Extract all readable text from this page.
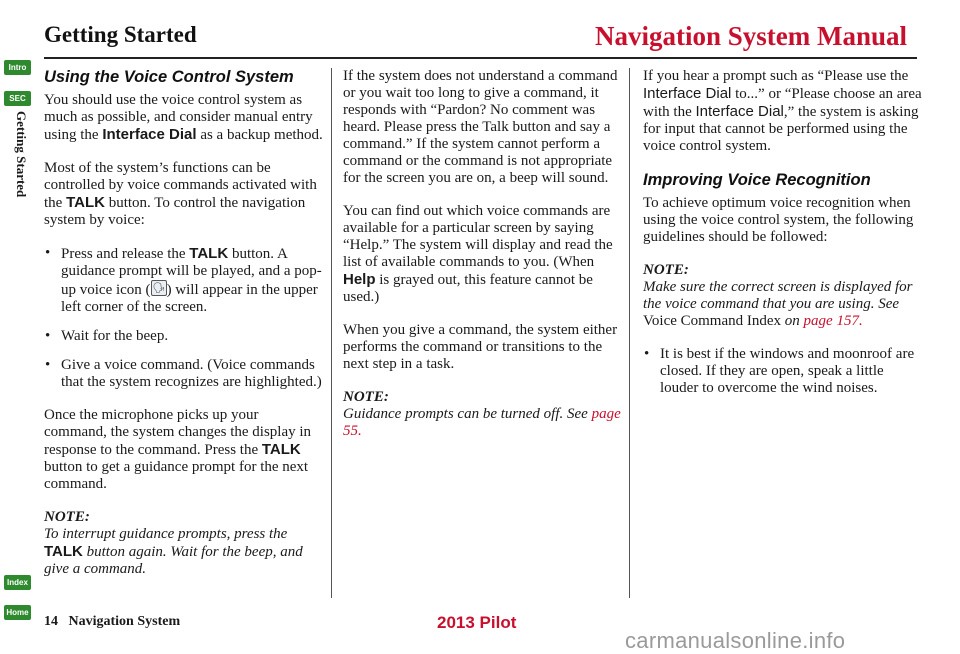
Getting Started	Navigation System Manual
Intro
SEC
Getting Started
Index
Home
Using the Voice Control System

You should use the voice control system as much as possible, and consider manual entry using the Interface Dial as a backup method.

Most of the system’s functions can be controlled by voice commands activated with the TALK button. To control the navigation system by voice:

• Press and release the TALK button. A guidance prompt will be played, and a pop-up voice icon (🗣 ) will appear in the upper left corner of the screen.
• Wait for the beep.
• Give a voice command. (Voice commands that the system recognizes are highlighted.)

Once the microphone picks up your command, the system changes the display in response to the command. Press the TALK button to get a guidance prompt for the next command.

NOTE:

To interrupt guidance prompts, press the TALK button again. Wait for the beep, and give a command.

If the system does not understand a command or you wait too long to give a command, it responds with “Pardon? No comment was heard. Please press the Talk button and say a command.” If the system cannot perform a command or the command is not appropriate for the screen you are on, a beep will sound.

You can find out which voice commands are available for a particular screen by saying “Help.” The system will display and read the list of available commands to you. (When Help is grayed out, this feature cannot be used.)

When you give a command, the system either performs the command or transitions to the next step in a task.

NOTE:

Guidance prompts can be turned off. See page 55.

If you hear a prompt such as “Please use the Interface Dial to...” or “Please choose an area with the Interface Dial,” the system is asking for input that cannot be performed using the voice control system.

Improving Voice Recognition

To achieve optimum voice recognition when using the voice control system, the following guidelines should be followed:

NOTE:

Make sure the correct screen is displayed for the voice command that you are using. See Voice Command Index on page 157.

• It is best if the windows and moonroof are closed. If they are open, speak a little louder to overcome the wind noises.
14 Navigation System	2013 Pilot
carmanualsonline.info
